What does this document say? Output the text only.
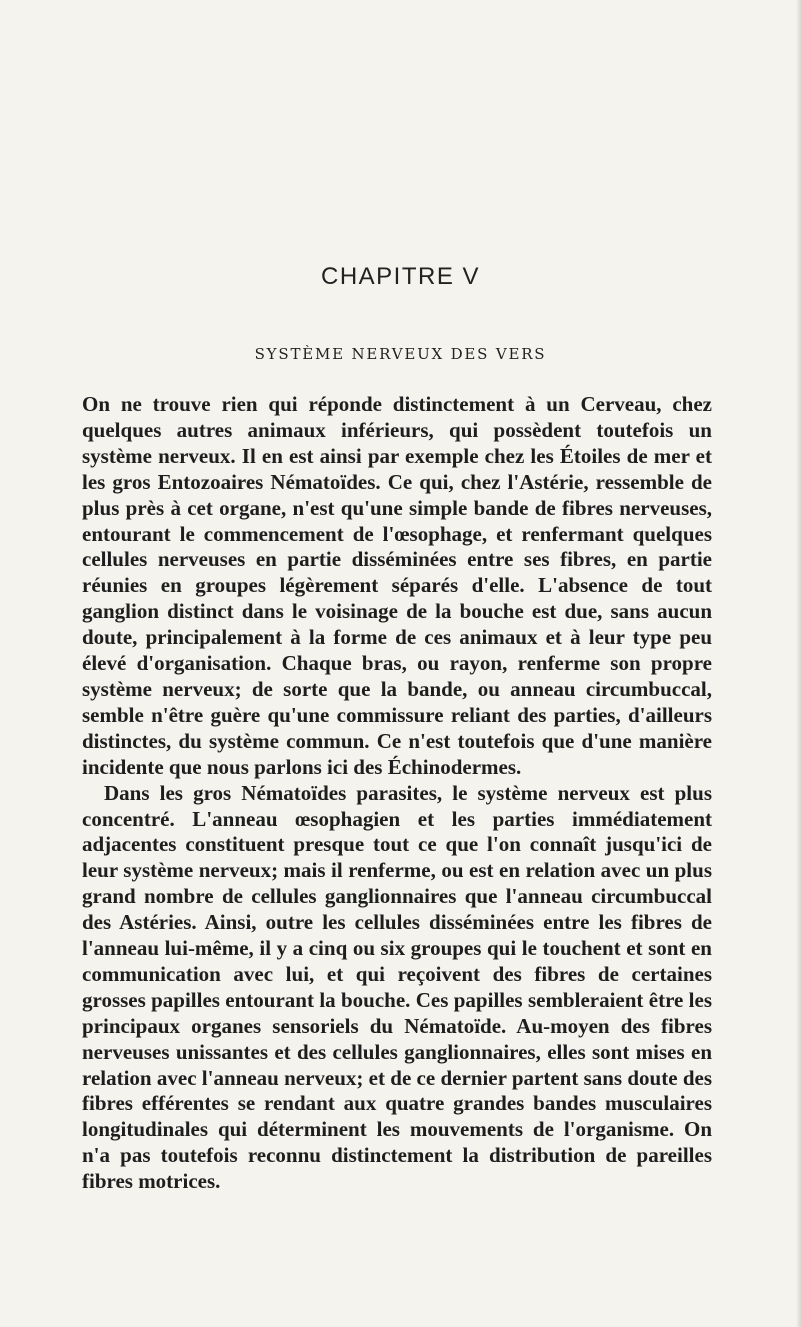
CHAPITRE V
SYSTÈME NERVEUX DES VERS

On ne trouve rien qui réponde distinctement à un Cerveau, chez quelques autres animaux inférieurs, qui possèdent toutefois un système nerveux. Il en est ainsi par exemple chez les Étoiles de mer et les gros Entozoaires Nématoïdes. Ce qui, chez l'Astérie, ressemble de plus près à cet organe, n'est qu'une simple bande de fibres nerveuses, entourant le commencement de l'œsophage, et renfermant quelques cellules nerveuses en partie disséminées entre ses fibres, en partie réunies en groupes légèrement séparés d'elle. L'absence de tout ganglion distinct dans le voisinage de la bouche est due, sans aucun doute, principalement à la forme de ces animaux et à leur type peu élevé d'organisation. Chaque bras, ou rayon, renferme son propre système nerveux; de sorte que la bande, ou anneau circumbuccal, semble n'être guère qu'une commissure reliant des parties, d'ailleurs distinctes, du système commun. Ce n'est toutefois que d'une manière incidente que nous parlons ici des Échinodermes.

Dans les gros Nématoïdes parasites, le système nerveux est plus concentré. L'anneau œsophagien et les parties immédiatement adjacentes constituent presque tout ce que l'on connaît jusqu'ici de leur système nerveux; mais il renferme, ou est en relation avec un plus grand nombre de cellules ganglionnaires que l'anneau circumbuccal des Astéries. Ainsi, outre les cellules disséminées entre les fibres de l'anneau lui-même, il y a cinq ou six groupes qui le touchent et sont en communication avec lui, et qui reçoivent des fibres de certaines grosses papilles entourant la bouche. Ces papilles sembleraient être les principaux organes sensoriels du Nématoïde. Au-moyen des fibres nerveuses unissantes et des cellules ganglionnaires, elles sont mises en relation avec l'anneau nerveux; et de ce dernier partent sans doute des fibres efférentes se rendant aux quatre grandes bandes musculaires longitudinales qui déterminent les mouvements de l'organisme. On n'a pas toutefois reconnu distinctement la distribution de pareilles fibres motrices.
